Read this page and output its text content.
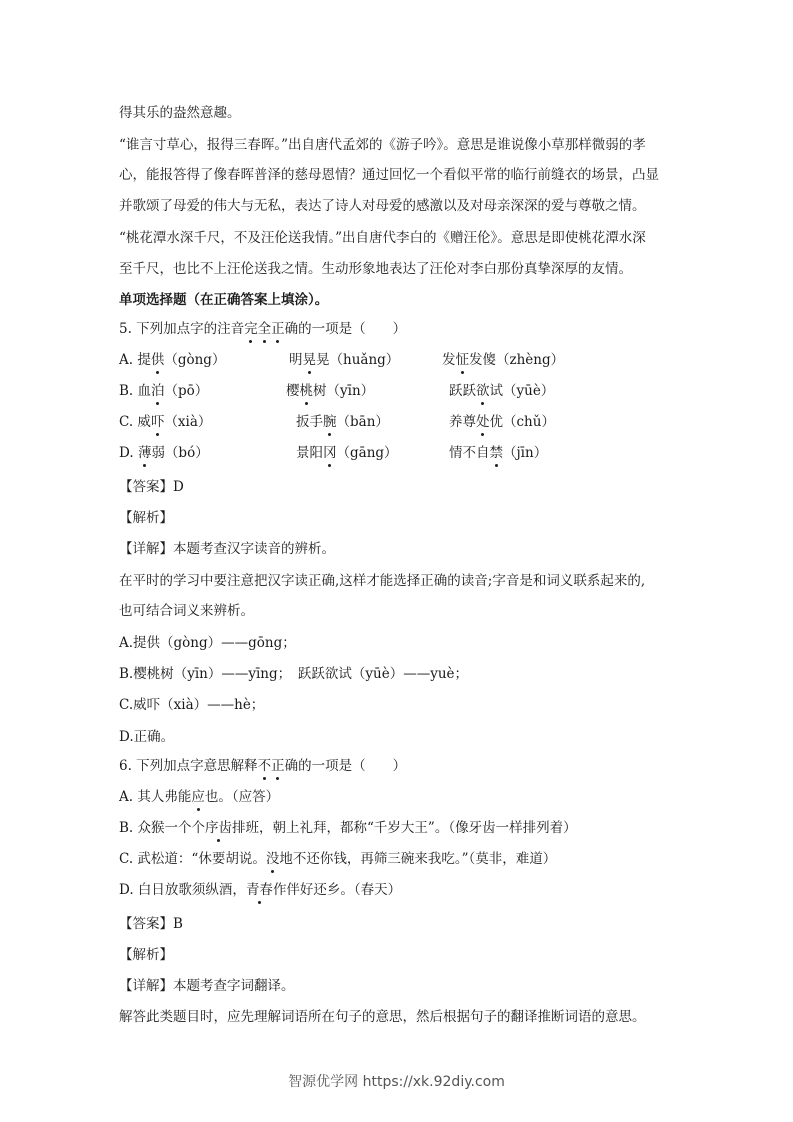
得其乐的盎然意趣。
“谁言寸草心，报得三春晖。”出自唐代孟郊的《游子吟》。意思是谁说像小草那样微弱的孝
心，能报答得了像春晖普泽的慈母恩情？通过回忆一个看似平常的临行前缝衣的场景，凸显
并歌颂了母爱的伟大与无私，表达了诗人对母爱的感激以及对母亲深深的爱与尊敬之情。
“桃花潭水深千尺，不及汪伦送我情。”出自唐代李白的《赠汪伦》。意思是即使桃花潭水深
至千尺，也比不上汪伦送我之情。生动形象地表达了汪伦对李白那份真挚深厚的友情。
单项选择题（在正确答案上填涂）。
5. 下列加点字的注音完全正确的一项是（　　）
A. 提供（gòng）	明晃晃（huǎng）	发怔发傻（zhèng）
B. 血泊（pō）	樱桃树（yīn）	跃跃欲试（yūè）
C. 威吓（xià）	扳手腕（bān）	养尊处优（chǔ）
D. 薄弱（bó）	景阳冈（gāng）	情不自禁（jīn）
【答案】D
【解析】
【详解】本题考查汉字读音的辨析。
在平时的学习中要注意把汉字读正确,这样才能选择正确的读音;字音是和词义联系起来的,
也可结合词义来辨析。
A.提供（gòng）——gōng；
B.樱桃树（yīn）——yīng；　跃跃欲试（yūè）——yuè；
C.威吓（xià）——hè；
D.正确。
6. 下列加点字意思解释不正确的一项是（　　）
A. 其人弗能应也。（应答）
B. 众猴一个个序齿排班，朝上礼拜，都称“千岁大王”。（像牙齿一样排列着）
C. 武松道：“休要胡说。没地不还你钱，再筛三碗来我吃。”（莫非，难道）
D. 白日放歌须纵酒，青春作伴好还乡。（春天）
【答案】B
【解析】
【详解】本题考查字词翻译。
解答此类题目时，应先理解词语所在句子的意思，然后根据句子的翻译推断词语的意思。
智源优学网 https://xk.92diy.com
